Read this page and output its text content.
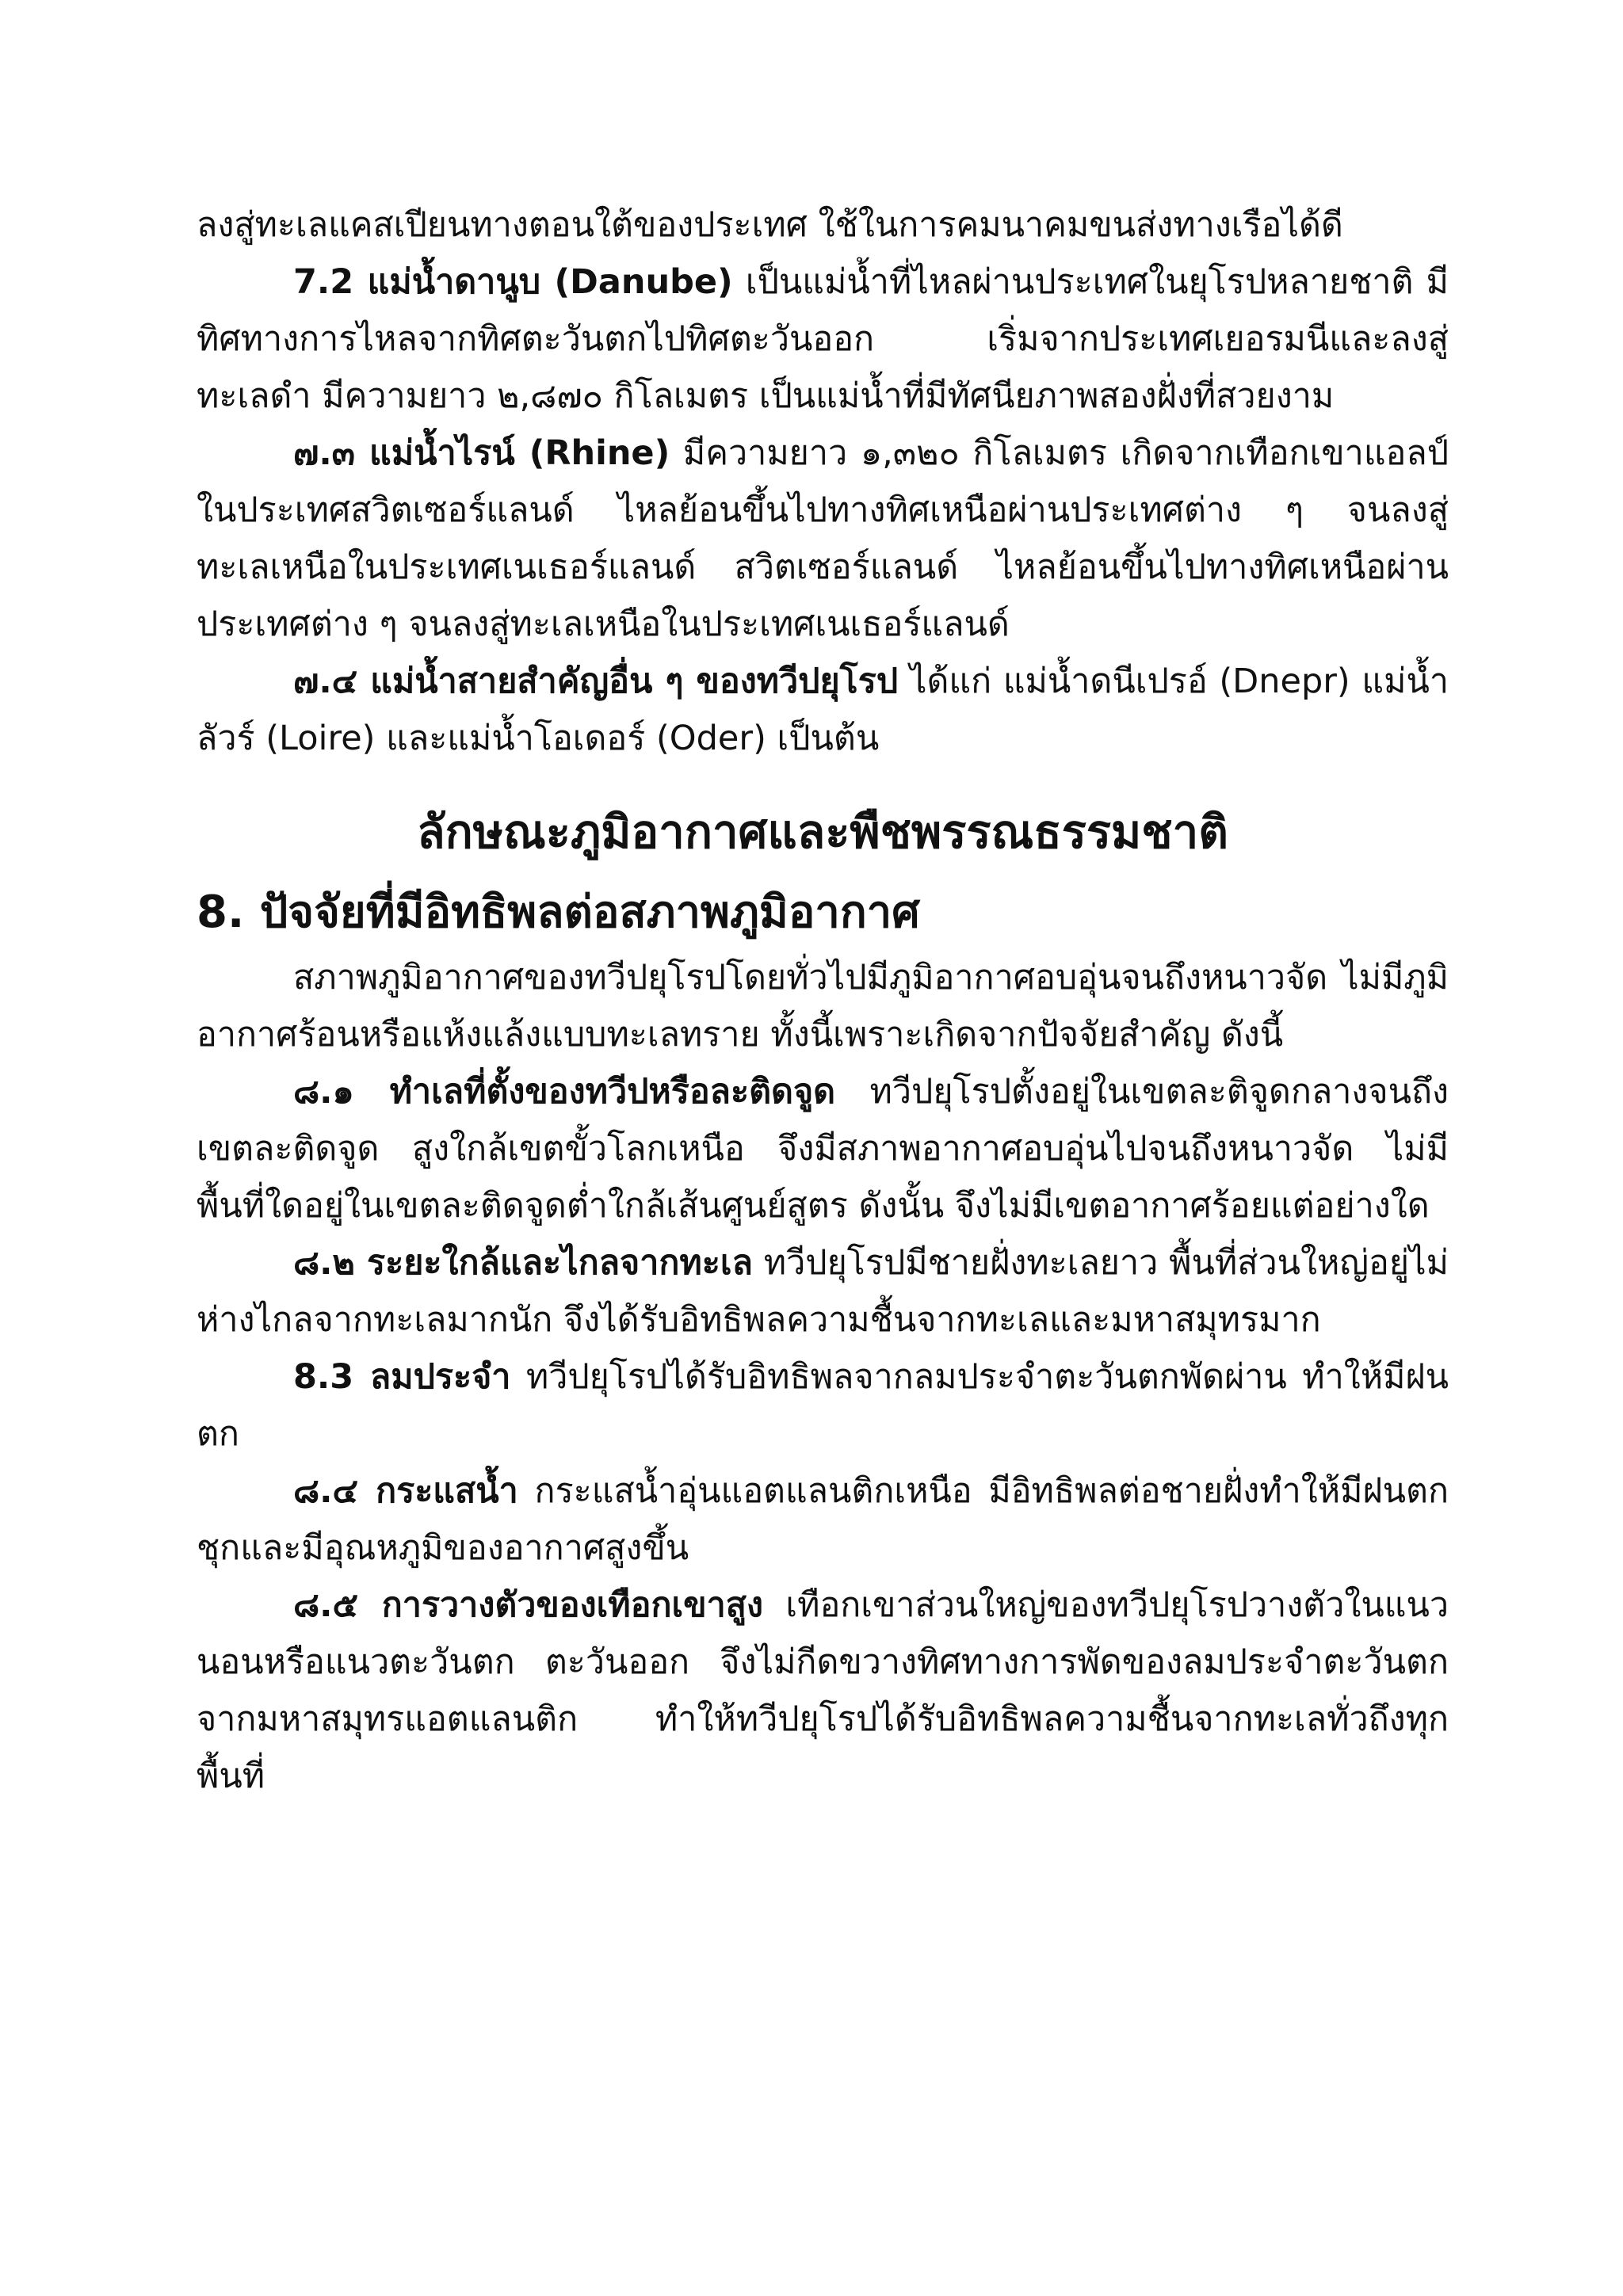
ลงสู่ทะเลแคสเปียนทางตอนใต้ของประเทศ ใช้ในการคมนาคมขนส่งทางเรือได้ดี

7.2 แม่น้ำดานูบ (Danube) เป็นแม่น้ำที่ไหลผ่านประเทศในยุโรปหลายชาติ มีทิศทางการไหลจากทิศตะวันตกไปทิศตะวันออก เริ่มจากประเทศเยอรมนีและลงสู่ทะเลดำ มีความยาว ๒,๘๗๐ กิโลเมตร เป็นแม่น้ำที่มีทัศนียภาพสองฝั่งที่สวยงาม

๗.๓ แม่น้ำไรน์ (Rhine) มีความยาว ๑,๓๒๐ กิโลเมตร เกิดจากเทือกเขาแอลป์ในประเทศสวิตเซอร์แลนด์ ไหลย้อนขึ้นไปทางทิศเหนือผ่านประเทศต่าง ๆ จนลงสู่ทะเลเหนือในประเทศเนเธอร์แลนด์ สวิตเซอร์แลนด์ ไหลย้อนขึ้นไปทางทิศเหนือผ่านประเทศต่าง ๆ จนลงสู่ทะเลเหนือในประเทศเนเธอร์แลนด์

๗.๔ แม่น้ำสายสำคัญอื่น ๆ ของทวีปยุโรป ได้แก่ แม่น้ำดนีเปรอ์ (Dnepr) แม่น้ำลัวร์ (Loire) และแม่น้ำโอเดอร์ (Oder) เป็นต้น

ลักษณะภูมิอากาศและพืชพรรณธรรมชาติ
8. ปัจจัยที่มีอิทธิพลต่อสภาพภูมิอากาศ

สภาพภูมิอากาศของทวีปยุโรปโดยทั่วไปมีภูมิอากาศอบอุ่นจนถึงหนาวจัด ไม่มีภูมิอากาศร้อนหรือแห้งแล้งแบบทะเลทราย ทั้งนี้เพราะเกิดจากปัจจัยสำคัญ ดังนี้

๘.๑ ทำเลที่ตั้งของทวีปหรือละติดจูด ทวีปยุโรปตั้งอยู่ในเขตละติจูดกลางจนถึงเขตละติดจูด สูงใกล้เขตขั้วโลกเหนือ จึงมีสภาพอากาศอบอุ่นไปจนถึงหนาวจัด ไม่มีพื้นที่ใดอยู่ในเขตละติดจูดต่ำใกล้เส้นศูนย์สูตร ดังนั้น จึงไม่มีเขตอากาศร้อยแต่อย่างใด

๘.๒ ระยะใกล้และไกลจากทะเล ทวีปยุโรปมีชายฝั่งทะเลยาว พื้นที่ส่วนใหญ่อยู่ไม่ห่างไกลจากทะเลมากนัก จึงได้รับอิทธิพลความชื้นจากทะเลและมหาสมุทรมาก

8.3 ลมประจำ ทวีปยุโรปได้รับอิทธิพลจากลมประจำตะวันตกพัดผ่าน ทำให้มีฝนตก

๘.๔ กระแสน้ำ กระแสน้ำอุ่นแอตแลนติกเหนือ มีอิทธิพลต่อชายฝั่งทำให้มีฝนตกชุกและมีอุณหภูมิของอากาศสูงขึ้น

๘.๕ การวางตัวของเทือกเขาสูง เทือกเขาส่วนใหญ่ของทวีปยุโรปวางตัวในแนวนอนหรือแนวตะวันตก ตะวันออก จึงไม่กีดขวางทิศทางการพัดของลมประจำตะวันตกจากมหาสมุทรแอตแลนติก ทำให้ทวีปยุโรปได้รับอิทธิพลความชื้นจากทะเลทั่วถึงทุกพื้นที่
